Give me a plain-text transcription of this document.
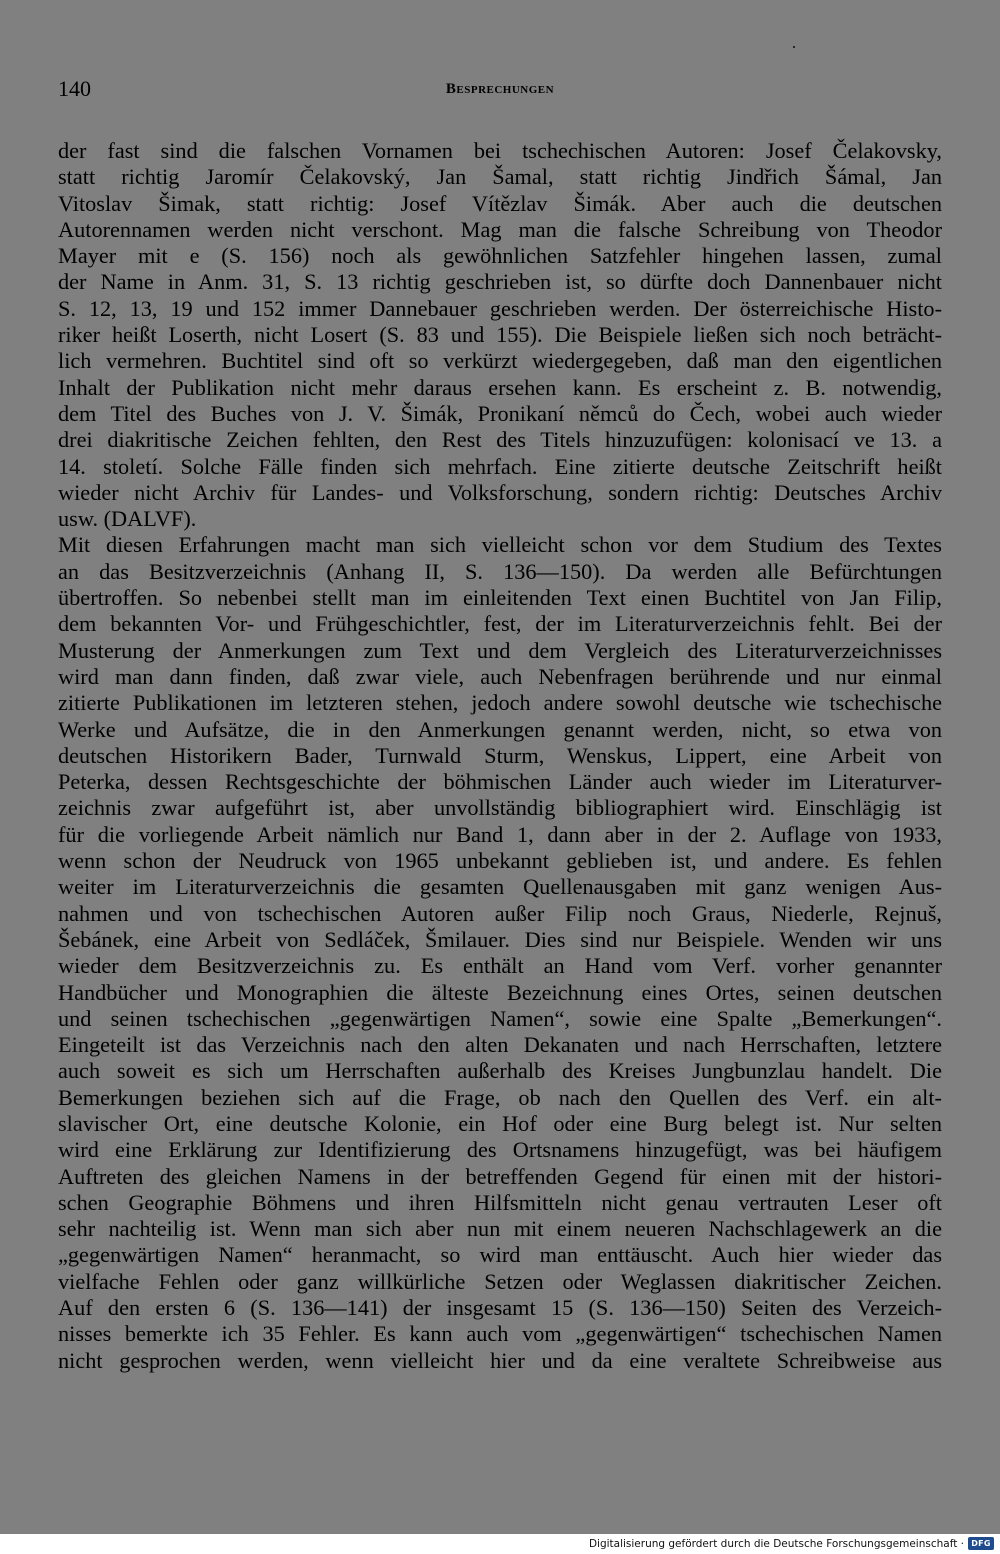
140	Besprechungen
der fast sind die falschen Vornamen bei tschechischen Autoren: Josef Čelakovsky,
statt richtig Jaromír Čelakovský, Jan Šamal, statt richtig Jindřich Šámal, Jan
Vitoslav Šimak, statt richtig: Josef Vítězlav Šimák. Aber auch die deutschen
Autorennamen werden nicht verschont. Mag man die falsche Schreibung von Theodor
Mayer mit e (S. 156) noch als gewöhnlichen Satzfehler hingehen lassen, zumal
der Name in Anm. 31, S. 13 richtig geschrieben ist, so dürfte doch Dannenbauer nicht
S. 12, 13, 19 und 152 immer Dannebauer geschrieben werden. Der österreichische Histo-
riker heißt Loserth, nicht Losert (S. 83 und 155). Die Beispiele ließen sich noch beträcht-
lich vermehren. Buchtitel sind oft so verkürzt wiedergegeben, daß man den eigentlichen
Inhalt der Publikation nicht mehr daraus ersehen kann. Es erscheint z. B. notwendig,
dem Titel des Buches von J. V. Šimák, Pronikaní němců do Čech, wobei auch wieder
drei diakritische Zeichen fehlten, den Rest des Titels hinzuzufügen: kolonisací ve 13. a
14. století. Solche Fälle finden sich mehrfach. Eine zitierte deutsche Zeitschrift heißt
wieder nicht Archiv für Landes- und Volksforschung, sondern richtig: Deutsches Archiv
usw. (DALVF).
Mit diesen Erfahrungen macht man sich vielleicht schon vor dem Studium des Textes
an das Besitzverzeichnis (Anhang II, S. 136—150). Da werden alle Befürchtungen
übertroffen. So nebenbei stellt man im einleitenden Text einen Buchtitel von Jan Filip,
dem bekannten Vor- und Frühgeschichtler, fest, der im Literaturverzeichnis fehlt. Bei der
Musterung der Anmerkungen zum Text und dem Vergleich des Literaturverzeichnisses
wird man dann finden, daß zwar viele, auch Nebenfragen berührende und nur einmal
zitierte Publikationen im letzteren stehen, jedoch andere sowohl deutsche wie tschechische
Werke und Aufsätze, die in den Anmerkungen genannt werden, nicht, so etwa von
deutschen Historikern Bader, Turnwald Sturm, Wenskus, Lippert, eine Arbeit von
Peterka, dessen Rechtsgeschichte der böhmischen Länder auch wieder im Literaturver-
zeichnis zwar aufgeführt ist, aber unvollständig bibliographiert wird. Einschlägig ist
für die vorliegende Arbeit nämlich nur Band 1, dann aber in der 2. Auflage von 1933,
wenn schon der Neudruck von 1965 unbekannt geblieben ist, und andere. Es fehlen
weiter im Literaturverzeichnis die gesamten Quellenausgaben mit ganz wenigen Aus-
nahmen und von tschechischen Autoren außer Filip noch Graus, Niederle, Rejnuš,
Šebánek, eine Arbeit von Sedláček, Šmilauer. Dies sind nur Beispiele. Wenden wir uns
wieder dem Besitzverzeichnis zu. Es enthält an Hand vom Verf. vorher genannter
Handbücher und Monographien die älteste Bezeichnung eines Ortes, seinen deutschen
und seinen tschechischen „gegenwärtigen Namen“, sowie eine Spalte „Bemerkungen“.
Eingeteilt ist das Verzeichnis nach den alten Dekanaten und nach Herrschaften, letztere
auch soweit es sich um Herrschaften außerhalb des Kreises Jungbunzlau handelt. Die
Bemerkungen beziehen sich auf die Frage, ob nach den Quellen des Verf. ein alt-
slavischer Ort, eine deutsche Kolonie, ein Hof oder eine Burg belegt ist. Nur selten
wird eine Erklärung zur Identifizierung des Ortsnamens hinzugefügt, was bei häufigem
Auftreten des gleichen Namens in der betreffenden Gegend für einen mit der histori-
schen Geographie Böhmens und ihren Hilfsmitteln nicht genau vertrauten Leser oft
sehr nachteilig ist. Wenn man sich aber nun mit einem neueren Nachschlagewerk an die
„gegenwärtigen Namen“ heranmacht, so wird man enttäuscht. Auch hier wieder das
vielfache Fehlen oder ganz willkürliche Setzen oder Weglassen diakritischer Zeichen.
Auf den ersten 6 (S. 136—141) der insgesamt 15 (S. 136—150) Seiten des Verzeich-
nisses bemerkte ich 35 Fehler. Es kann auch vom „gegenwärtigen“ tschechischen Namen
nicht gesprochen werden, wenn vielleicht hier und da eine veraltete Schreibweise aus
Digitalisierung gefördert durch die Deutsche Forschungsgemeinschaft · DFG
